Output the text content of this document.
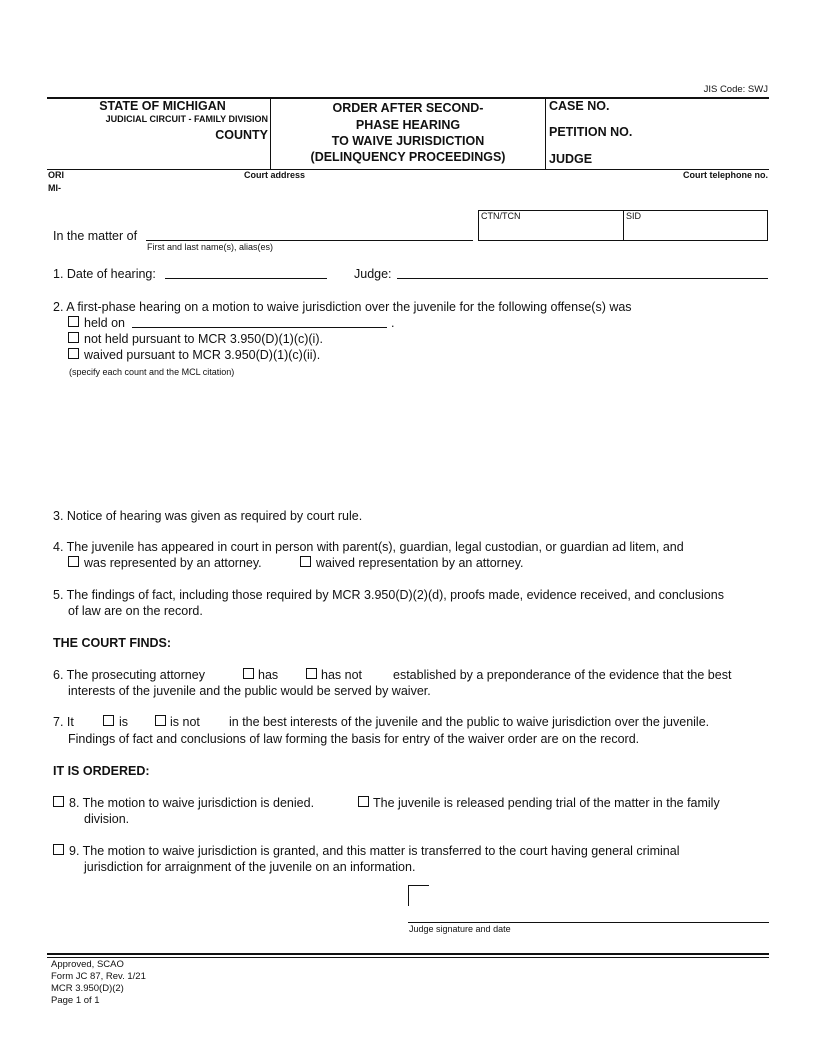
JIS Code: SWJ
STATE OF MICHIGAN
JUDICIAL CIRCUIT - FAMILY DIVISION
COUNTY
ORDER AFTER SECOND-
PHASE HEARING
TO WAIVE JURISDICTION
(DELINQUENCY PROCEEDINGS)
CASE NO.
PETITION NO.
JUDGE
ORI
MI-
Court address	Court telephone no.
CTN/TCN	SID
In the matter of
First and last name(s), alias(es)
1. Date of hearing:	Judge:
2. A first-phase hearing on a motion to waive jurisdiction over the juvenile for the following offense(s) was
held on	.
not held pursuant to MCR 3.950(D)(1)(c)(i).
waived pursuant to MCR 3.950(D)(1)(c)(ii).
(specify each count and the MCL citation)
3. Notice of hearing was given as required by court rule.
4. The juvenile has appeared in court in person with parent(s), guardian, legal custodian, or guardian ad litem, and
was represented by an attorney.	waived representation by an attorney.
5. The findings of fact, including those required by MCR 3.950(D)(2)(d), proofs made, evidence received, and conclusions
of law are on the record.
THE COURT FINDS:
6. The prosecuting attorney	has	has not established by a preponderance of the evidence that the best
interests of the juvenile and the public would be served by waiver.
7. It	is	is not in the best interests of the juvenile and the public to waive jurisdiction over the juvenile.
Findings of fact and conclusions of law forming the basis for entry of the waiver order are on the record.
IT IS ORDERED:
8. The motion to waive jurisdiction is denied.	The juvenile is released pending trial of the matter in the family
division.
9. The motion to waive jurisdiction is granted, and this matter is transferred to the court having general criminal
jurisdiction for arraignment of the juvenile on an information.
Judge signature and date
Approved, SCAO
Form JC 87, Rev. 1/21
MCR 3.950(D)(2)
Page 1 of 1
